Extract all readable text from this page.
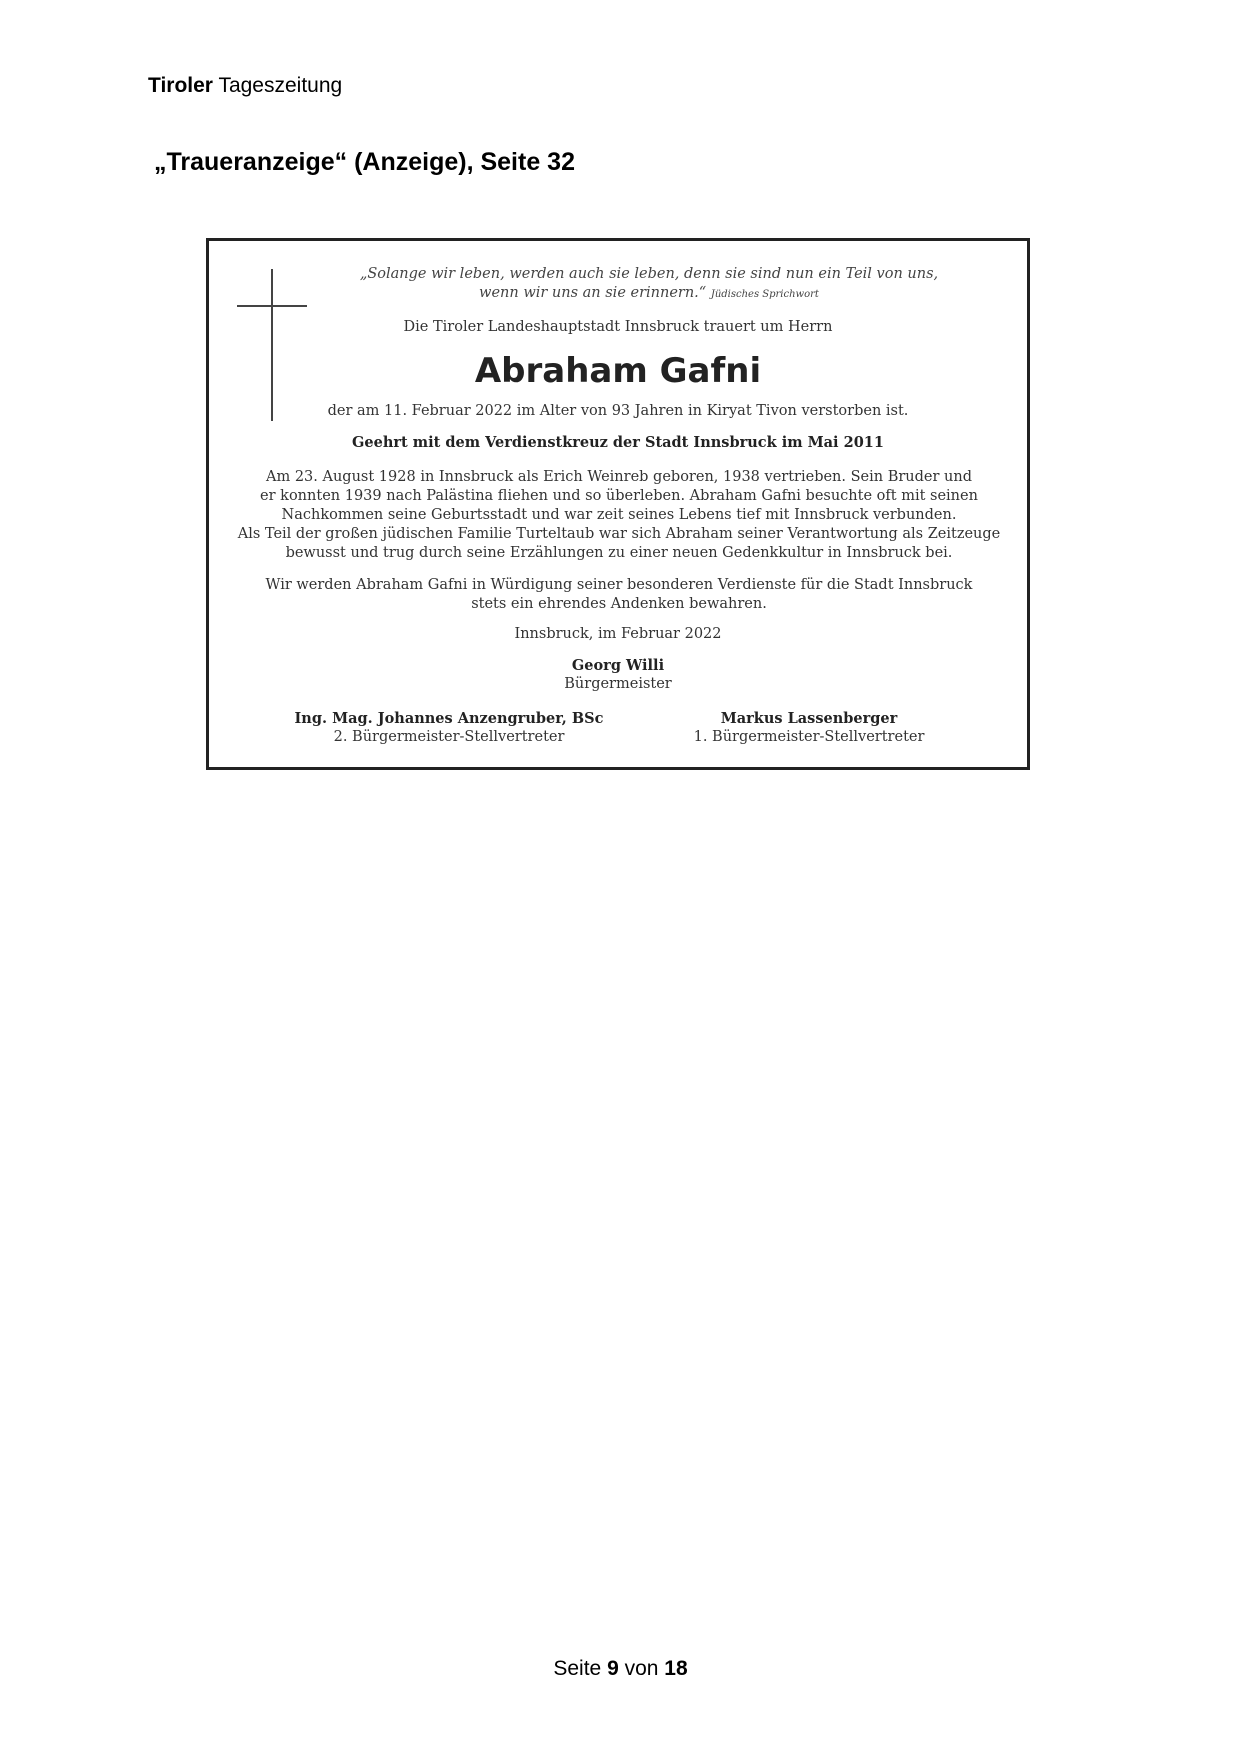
Tiroler Tageszeitung
„Traueranzeige“ (Anzeige), Seite 32
„Solange wir leben, werden auch sie leben, denn sie sind nun ein Teil von uns,
wenn wir uns an sie erinnern.“ Jüdisches Sprichwort
Die Tiroler Landeshauptstadt Innsbruck trauert um Herrn
Abraham Gafni
der am 11. Februar 2022 im Alter von 93 Jahren in Kiryat Tivon verstorben ist.
Geehrt mit dem Verdienstkreuz der Stadt Innsbruck im Mai 2011
Am 23. August 1928 in Innsbruck als Erich Weinreb geboren, 1938 vertrieben. Sein Bruder und
er konnten 1939 nach Palästina fliehen und so überleben. Abraham Gafni besuchte oft mit seinen
Nachkommen seine Geburtsstadt und war zeit seines Lebens tief mit Innsbruck verbunden.
Als Teil der großen jüdischen Familie Turteltaub war sich Abraham seiner Verantwortung als Zeitzeuge
bewusst und trug durch seine Erzählungen zu einer neuen Gedenkkultur in Innsbruck bei.
Wir werden Abraham Gafni in Würdigung seiner besonderen Verdienste für die Stadt Innsbruck
stets ein ehrendes Andenken bewahren.
Innsbruck, im Februar 2022
Georg Willi
Bürgermeister
Ing. Mag. Johannes Anzengruber, BSc
2. Bürgermeister-Stellvertreter
Markus Lassenberger
1. Bürgermeister-Stellvertreter
Seite 9 von 18
